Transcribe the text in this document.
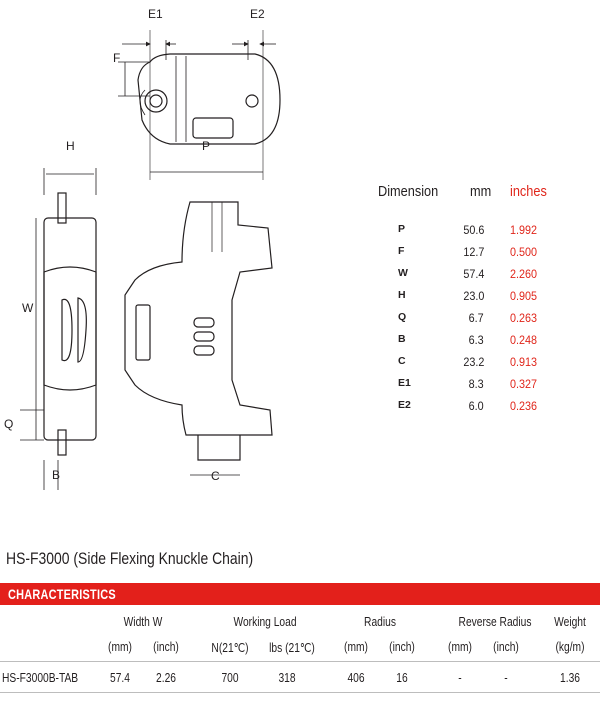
E1	E2
F
P
H
W
Q
B	C
Dimension mm inches
P	50.6 1.992
F	12.7 0.500
W	57.4 2.260
H	23.0 0.905
Q	6.7 0.263
B	6.3 0.248
C	23.2 0.913
E1	8.3 0.327
E2	6.0 0.236
HS-F3000 (Side Flexing Knuckle Chain)
CHARACTERISTICS
Width W	Working Load	Radius	Reverse Radius	Weight
(mm)	(inch)	N(21℃) lbs (21℃)	(mm)	(inch)	(mm)	(inch)	(kg/m)
HS-F3000B-TAB	57.4	2.26	700	318	406	16	-	-	1.36
